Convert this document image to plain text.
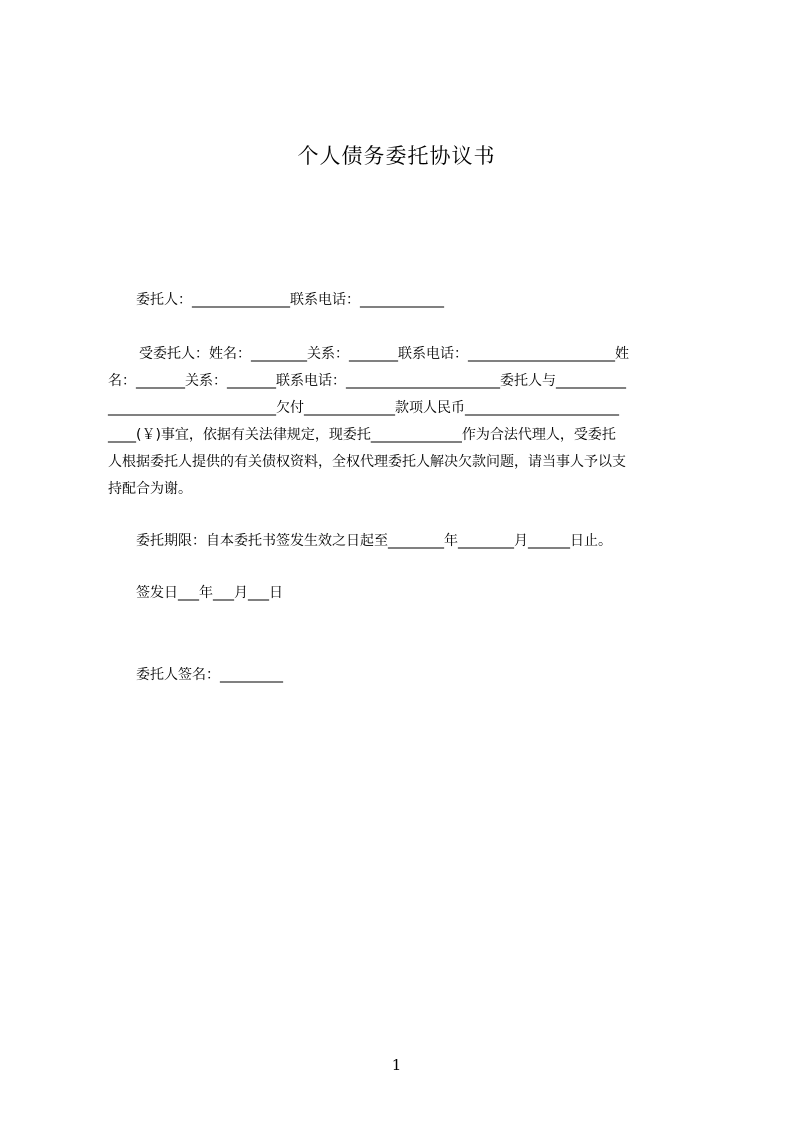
个人债务委托协议书

委托人：______________联系电话：____________

受委托人：姓名：________关系：_______联系电话：_____________________姓

名：_______关系：_______联系电话：______________________委托人与__________

________________________欠付_____________款项人民币______________________

____(￥)事宜，依据有关法律规定，现委托_____________作为合法代理人，受委托

人根据委托人提供的有关债权资料，全权代理委托人解决欠款问题，请当事人予以支

持配合为谢。

委托期限：自本委托书签发生效之日起至________年________月______日止。

签发日___年___月___日

委托人签名：_________

1
